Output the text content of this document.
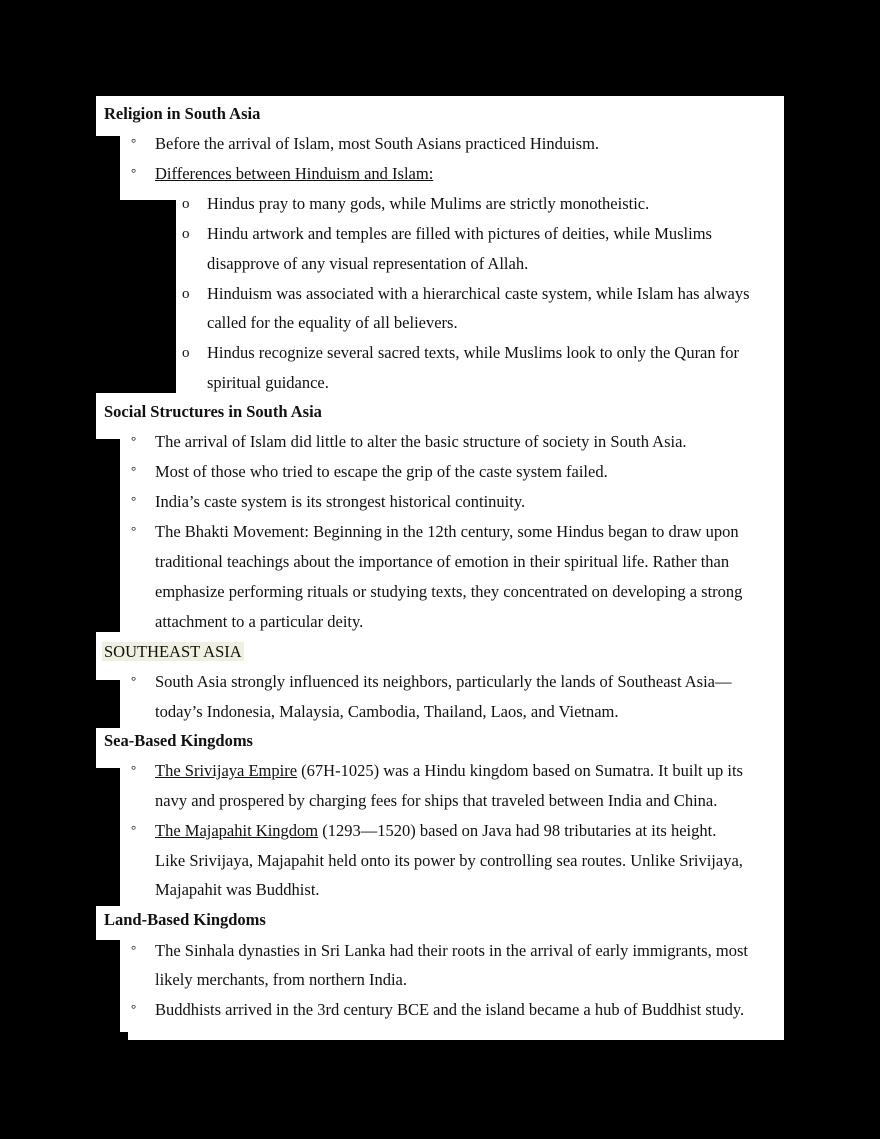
Religion in South Asia
° Before the arrival of Islam, most South Asians practiced Hinduism.
° Differences between Hinduism and Islam:
o Hindus pray to many gods, while Mulims are strictly monotheistic.
o Hindu artwork and temples are filled with pictures of deities, while Muslims
disapprove of any visual representation of Allah.
o Hinduism was associated with a hierarchical caste system, while Islam has always
called for the equality of all believers.
o Hindus recognize several sacred texts, while Muslims look to only the Quran for
spiritual guidance.
Social Structures in South Asia
° The arrival of Islam did little to alter the basic structure of society in South Asia.
° Most of those who tried to escape the grip of the caste system failed.
° India’s caste system is its strongest historical continuity.
° The Bhakti Movement: Beginning in the 12th century, some Hindus began to draw upon
traditional teachings about the importance of emotion in their spiritual life. Rather than
emphasize performing rituals or studying texts, they concentrated on developing a strong
attachment to a particular deity.
SOUTHEAST ASIA
° South Asia strongly influenced its neighbors, particularly the lands of Southeast Asia—
today’s Indonesia, Malaysia, Cambodia, Thailand, Laos, and Vietnam.
Sea-Based Kingdoms
° The Srivijaya Empire (67H-1025) was a Hindu kingdom based on Sumatra. It built up its
navy and prospered by charging fees for ships that traveled between India and China.
° The Majapahit Kingdom (1293—1520) based on Java had 98 tributaries at its height.
Like Srivijaya, Majapahit held onto its power by controlling sea routes. Unlike Srivijaya,
Majapahit was Buddhist.
Land-Based Kingdoms
° The Sinhala dynasties in Sri Lanka had their roots in the arrival of early immigrants, most
likely merchants, from northern India.
° Buddhists arrived in the 3rd century BCE and the island became a hub of Buddhist study.
